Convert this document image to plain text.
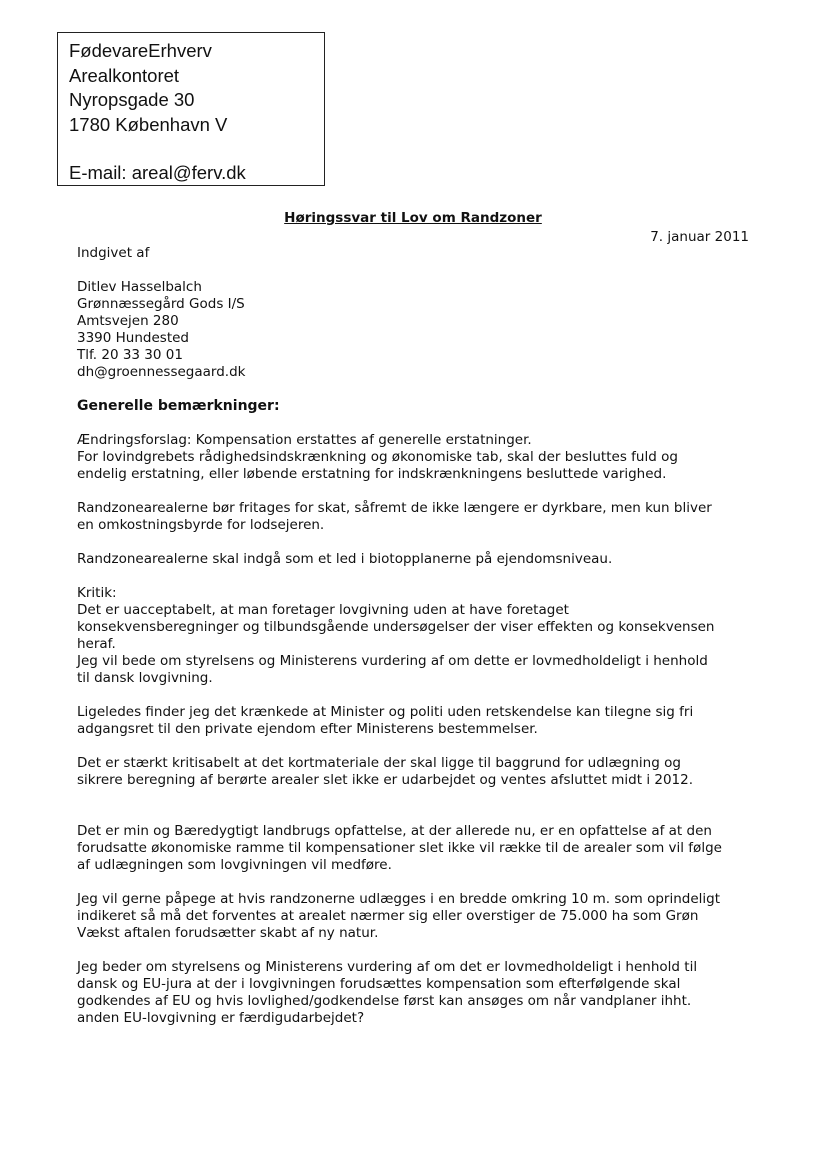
FødevareErhverv
Arealkontoret
Nyropsgade 30
1780 København V
E-mail: areal@ferv.dk
Høringssvar til Lov om Randzoner
7. januar 2011
Indgivet af
Ditlev Hasselbalch
Grønnæssegård Gods I/S
Amtsvejen 280
3390 Hundested
Tlf. 20 33 30 01
dh@groennessegaard.dk
Generelle bemærkninger:
Ændringsforslag: Kompensation erstattes af generelle erstatninger.
For lovindgrebets rådighedsindskrænkning og økonomiske tab, skal der besluttes fuld og
endelig erstatning, eller løbende erstatning for indskrænkningens besluttede varighed.
Randzonearealerne bør fritages for skat, såfremt de ikke længere er dyrkbare, men kun bliver
en omkostningsbyrde for lodsejeren.
Randzonearealerne skal indgå som et led i biotopplanerne på ejendomsniveau.
Kritik:
Det er uacceptabelt, at man foretager lovgivning uden at have foretaget
konsekvensberegninger og tilbundsgående undersøgelser der viser effekten og konsekvensen
heraf.
Jeg vil bede om styrelsens og Ministerens vurdering af om dette er lovmedholdeligt i henhold
til dansk lovgivning.
Ligeledes finder jeg det krænkede at Minister og politi uden retskendelse kan tilegne sig fri
adgangsret til den private ejendom efter Ministerens bestemmelser.
Det er stærkt kritisabelt at det kortmateriale der skal ligge til baggrund for udlægning og
sikrere beregning af berørte arealer slet ikke er udarbejdet og ventes afsluttet midt i 2012.
Det er min og Bæredygtigt landbrugs opfattelse, at der allerede nu, er en opfattelse af at den
forudsatte økonomiske ramme til kompensationer slet ikke vil række til de arealer som vil følge
af udlægningen som lovgivningen vil medføre.
Jeg vil gerne påpege at hvis randzonerne udlægges i en bredde omkring 10 m. som oprindeligt
indikeret så må det forventes at arealet nærmer sig eller overstiger de 75.000 ha som Grøn
Vækst aftalen forudsætter skabt af ny natur.
Jeg beder om styrelsens og Ministerens vurdering af om det er lovmedholdeligt i henhold til
dansk og EU-jura at der i lovgivningen forudsættes kompensation som efterfølgende skal
godkendes af EU og hvis lovlighed/godkendelse først kan ansøges om når vandplaner ihht.
anden EU-lovgivning er færdigudarbejdet?
